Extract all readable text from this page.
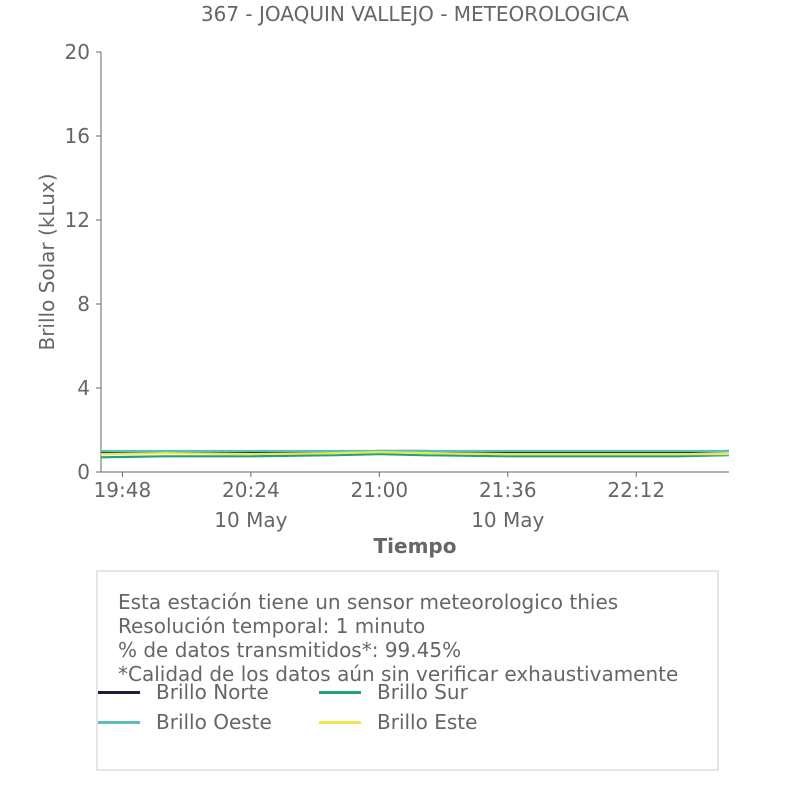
367 - JOAQUIN VALLEJO - METEOROLOGICA
0
4
8
12
16
20
19:48	20:24
10 May
21:00	21:36
10 May
22:12
Brillo Solar (kLux)
Tiempo
Esta estación tiene un sensor meteorologico thies
Resolución temporal: 1 minuto
% de datos transmitidos*: 99.45%
*Calidad de los datos aún sin verificar exhaustivamente
Brillo Norte	Brillo Sur
Brillo Oeste	Brillo Este
